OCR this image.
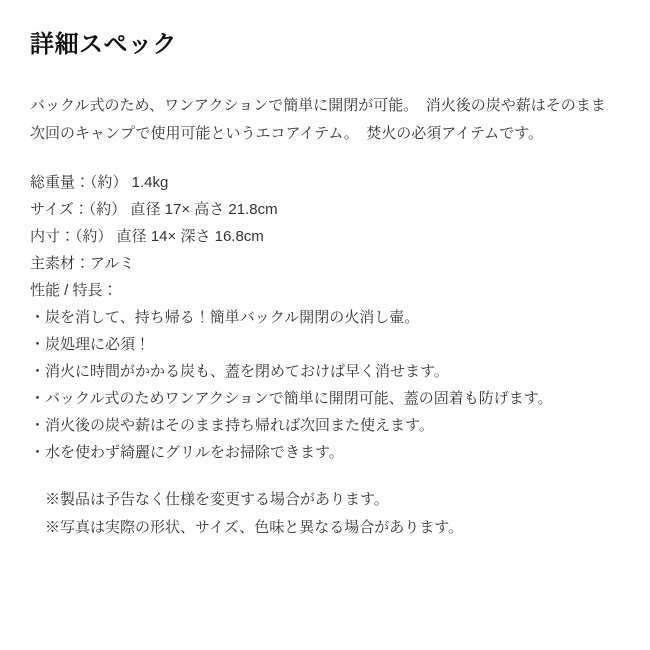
詳細スペック
バックル式のため、ワンアクションで簡単に開閉が可能。　消火後の炭や薪はそのまま
次回のキャンプで使用可能というエコアイテム。　焚火の必須アイテムです。
総重量：（約） 1.4kg
サイズ：（約） 直径 17× 高さ 21.8cm
内寸：（約） 直径 14× 深さ 16.8cm
主素材：アルミ
性能 / 特長：
・炭を消して、持ち帰る！簡単バックル開閉の火消し壷。
・炭処理に必須！
・消火に時間がかかる炭も、蓋を閉めておけば早く消せます。
・バックル式のためワンアクションで簡単に開閉可能、蓋の固着も防げます。
・消火後の炭や薪はそのまま持ち帰れば次回また使えます。
・水を使わず綺麗にグリルをお掃除できます。
※製品は予告なく仕様を変更する場合があります。
※写真は実際の形状、サイズ、色味と異なる場合があります。
